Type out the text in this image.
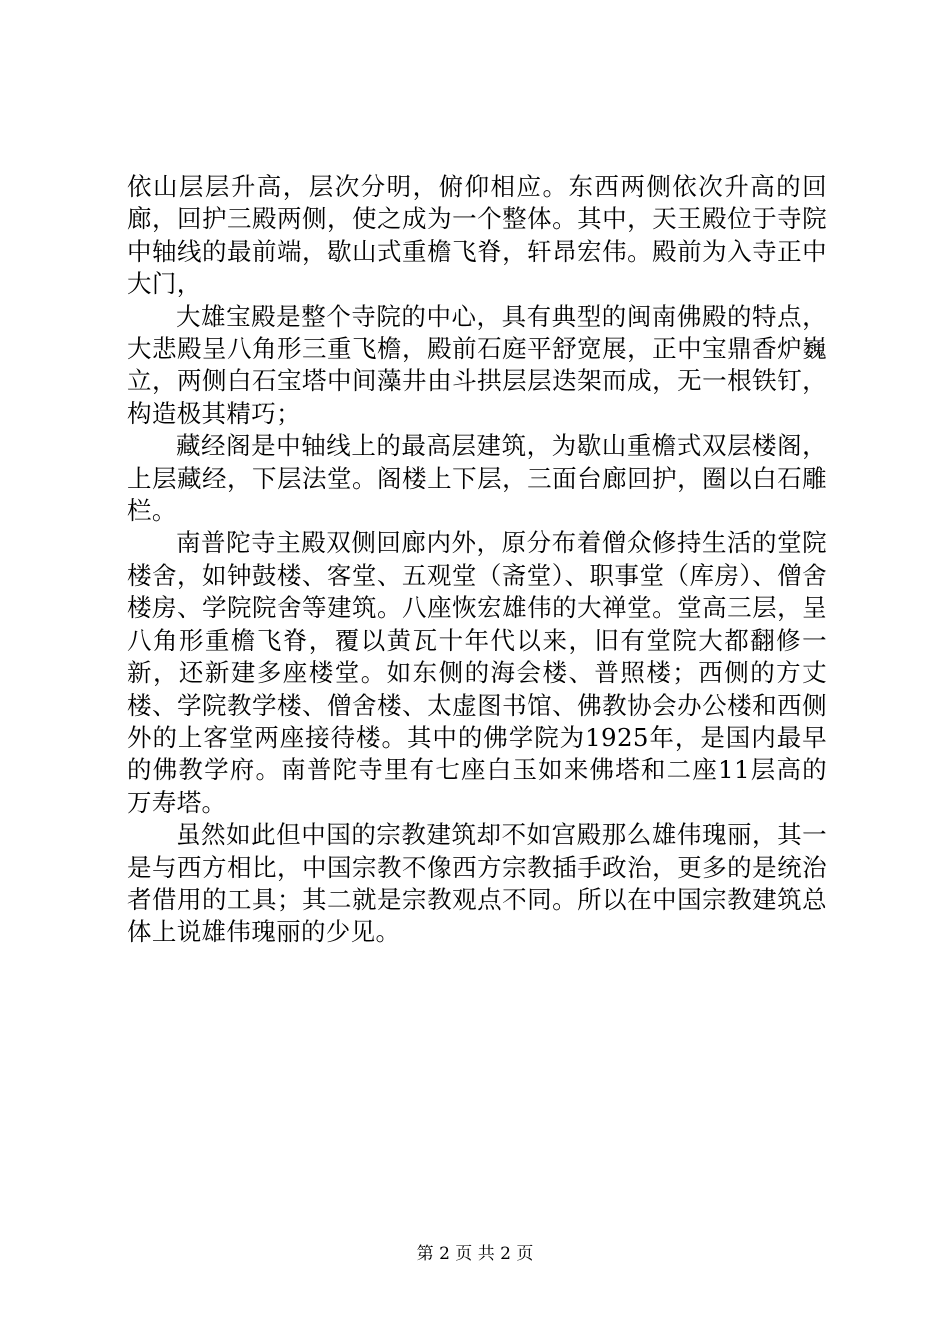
依山层层升高，层次分明，俯仰相应。东西两侧依次升高的回廊，回护三殿两侧，使之成为一个整体。其中，天王殿位于寺院中轴线的最前端，歇山式重檐飞脊，轩昂宏伟。殿前为入寺正中大门，

大雄宝殿是整个寺院的中心，具有典型的闽南佛殿的特点，大悲殿呈八角形三重飞檐，殿前石庭平舒宽展，正中宝鼎香炉巍立，两侧白石宝塔中间藻井由斗拱层层迭架而成，无一根铁钉，构造极其精巧；

藏经阁是中轴线上的最高层建筑，为歇山重檐式双层楼阁，上层藏经，下层法堂。阁楼上下层，三面台廊回护，圈以白石雕栏。

南普陀寺主殿双侧回廊内外，原分布着僧众修持生活的堂院楼舍，如钟鼓楼、客堂、五观堂（斋堂）、职事堂（库房）、僧舍楼房、学院院舍等建筑。八座恢宏雄伟的大禅堂。堂高三层，呈八角形重檐飞脊，覆以黄瓦十年代以来，旧有堂院大都翻修一新，还新建多座楼堂。如东侧的海会楼、普照楼；西侧的方丈楼、学院教学楼、僧舍楼、太虚图书馆、佛教协会办公楼和西侧外的上客堂两座接待楼。其中的佛学院为1925年，是国内最早的佛教学府。南普陀寺里有七座白玉如来佛塔和二座11层高的万寿塔。

虽然如此但中国的宗教建筑却不如宫殿那么雄伟瑰丽，其一是与西方相比，中国宗教不像西方宗教插手政治，更多的是统治者借用的工具；其二就是宗教观点不同。所以在中国宗教建筑总体上说雄伟瑰丽的少见。

第 2 页 共 2 页
